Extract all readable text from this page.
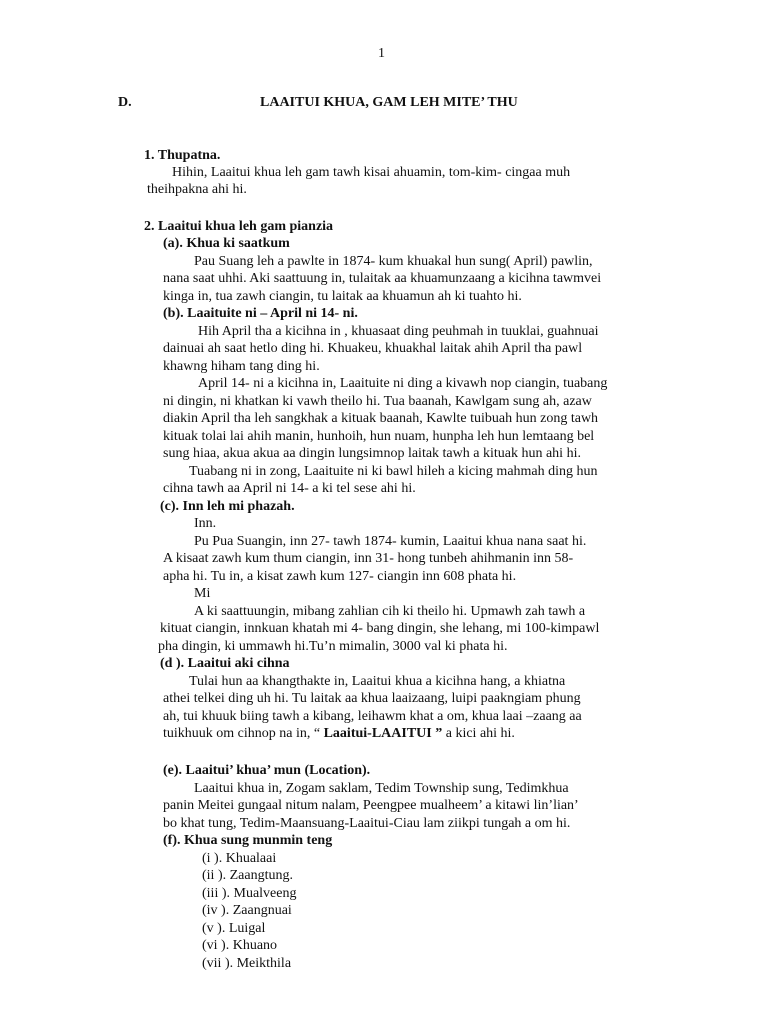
1
D.	LAAITUI KHUA, GAM LEH MITE’ THU
1. Thupatna.
Hihin, Laaitui khua leh gam tawh kisai ahuamin, tom-kim- cingaa muh
theihpakna ahi hi.
2. Laaitui khua leh gam pianzia
(a). Khua ki saatkum
Pau Suang leh a pawlte in 1874- kum khuakal hun sung( April) pawlin,
nana saat uhhi. Aki saattuung in, tulaitak aa khuamunzaang a kicihna tawmvei
kinga in, tua zawh ciangin, tu laitak aa khuamun ah ki tuahto hi.
(b). Laaituite ni – April ni 14- ni.
Hih April tha a kicihna in , khuasaat ding peuhmah in tuuklai, guahnuai
dainuai ah saat hetlo ding hi. Khuakeu, khuakhal laitak ahih April tha pawl
khawng hiham tang ding hi.
April 14- ni a kicihna in, Laaituite ni ding a kivawh nop ciangin, tuabang
ni dingin, ni khatkan ki vawh theilo hi. Tua baanah, Kawlgam sung ah, azaw
diakin April tha leh sangkhak a kituak baanah, Kawlte tuibuah hun zong tawh
kituak tolai lai ahih manin, hunhoih, hun nuam, hunpha leh hun lemtaang bel
sung hiaa, akua akua aa dingin lungsimnop laitak tawh a kituak hun ahi hi.
Tuabang ni in zong, Laaituite ni ki bawl hileh a kicing mahmah ding hun
cihna tawh aa April ni 14- a ki tel sese ahi hi.
(c). Inn leh mi phazah.
Inn.
Pu Pua Suangin, inn 27- tawh 1874- kumin, Laaitui khua nana saat hi.
A kisaat zawh kum thum ciangin, inn 31- hong tunbeh ahihmanin inn 58-
apha hi. Tu in, a kisat zawh kum 127- ciangin inn 608 phata hi.
Mi
A ki saattuungin, mibang zahlian cih ki theilo hi. Upmawh zah tawh a
kituat ciangin, innkuan khatah mi 4- bang dingin, she lehang, mi 100-kimpawl
pha dingin, ki ummawh hi.Tu’n mimalin, 3000 val ki phata hi.
(d ). Laaitui aki cihna
Tulai hun aa khangthakte in, Laaitui khua a kicihna hang, a khiatna
athei telkei ding uh hi. Tu laitak aa khua laaizaang, luipi paakngiam phung
ah, tui khuuk biing tawh a kibang, leihawm khat a om, khua laai –zaang aa
tuikhuuk om cihnop na in, “ Laaitui-LAAITUI ” a kici ahi hi.
(e). Laaitui’ khua’ mun (Location).
Laaitui khua in, Zogam saklam, Tedim Township sung, Tedimkhua
panin Meitei gungaal nitum nalam, Peengpee mualheem’ a kitawi lin’lian’
bo khat tung, Tedim-Maansuang-Laaitui-Ciau lam ziikpi tungah a om hi.
(f). Khua sung munmin teng
(i ). Khualaai
(ii ). Zaangtung.
(iii ). Mualveeng
(iv ). Zaangnuai
(v ). Luigal
(vi ). Khuano
(vii ). Meikthila
